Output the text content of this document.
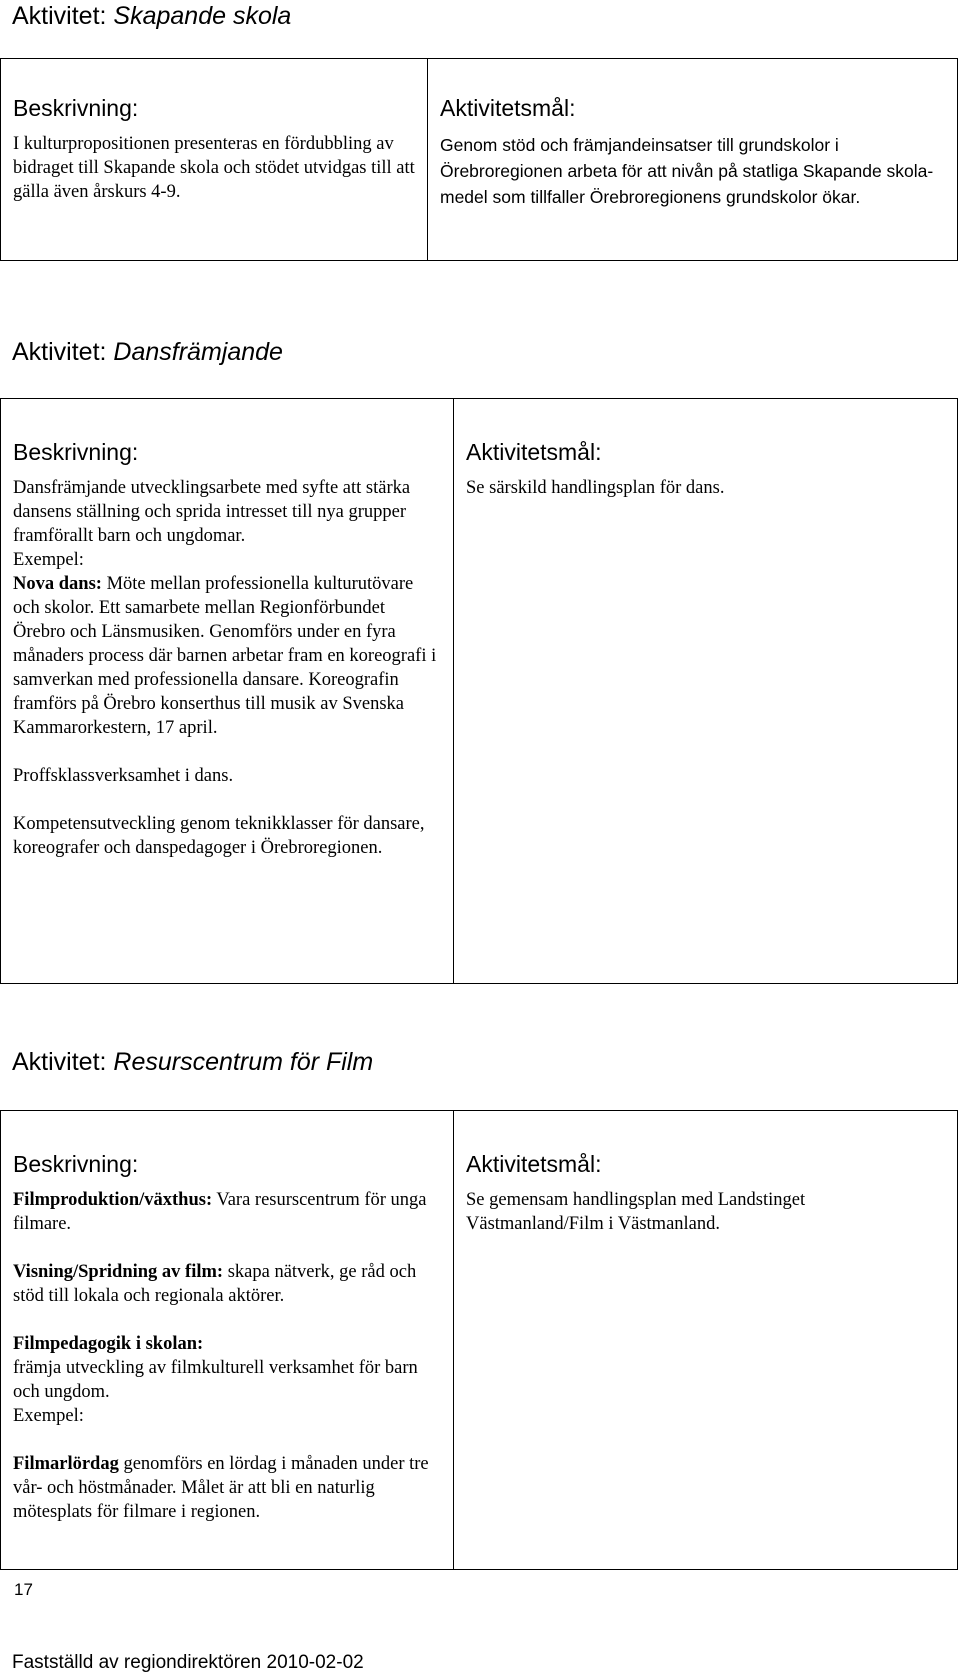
Aktivitet: Skapande skola
Beskrivning:

I kulturpropositionen presenteras en fördubbling av bidraget till Skapande skola och stödet utvidgas till att gälla även årskurs 4-9.

Aktivitetsmål:

Genom stöd och främjandeinsatser till grundskolor i Örebroregionen arbeta för att nivån på statliga Skapande skola-medel som tillfaller Örebroregionens grundskolor ökar.

Aktivitet: Dansfrämjande
Beskrivning:

Dansfrämjande utvecklingsarbete med syfte att stärka dansens ställning och sprida intresset till nya grupper framförallt barn och ungdomar.

Exempel:

Nova dans: Möte mellan professionella kulturutövare och skolor. Ett samarbete mellan Regionförbundet Örebro och Länsmusiken. Genomförs under en fyra månaders process där barnen arbetar fram en koreografi i samverkan med professionella dansare. Koreografin framförs på Örebro konserthus till musik av Svenska Kammarorkestern, 17 april.

Proffsklassverksamhet i dans.

Kompetensutveckling genom teknikklasser för dansare, koreografer och danspedagoger i Örebroregionen.

Aktivitetsmål:

Se särskild handlingsplan för dans.

Aktivitet: Resurscentrum för Film
Beskrivning:

Filmproduktion/växthus: Vara resurscentrum för unga filmare.

Visning/Spridning av film: skapa nätverk, ge råd och stöd till lokala och regionala aktörer.

Filmpedagogik i skolan:

främja utveckling av filmkulturell verksamhet för barn och ungdom.

Exempel:

Filmarlördag genomförs en lördag i månaden under tre vår- och höstmånader. Målet är att bli en naturlig mötesplats för filmare i regionen.

Aktivitetsmål:

Se gemensam handlingsplan med Landstinget Västmanland/Film i Västmanland.

17
Fastställd av regiondirektören 2010-02-02
